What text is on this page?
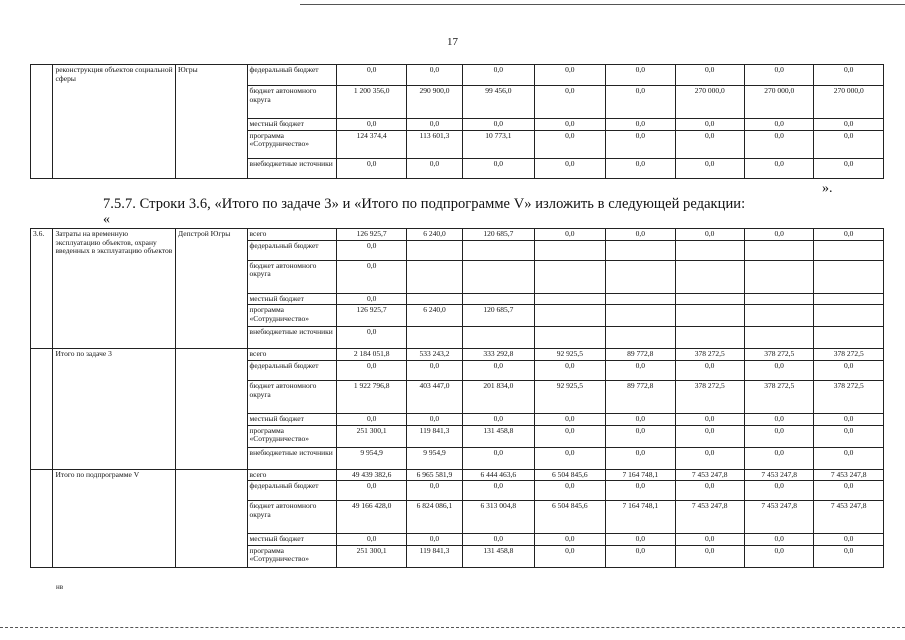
17
	реконструкция объектов социальной сферы	Югры	федеральный бюджет	0,0	0,0	0,0	0,0	0,0	0,0	0,0	0,0
			бюджет автономного округа	1 200 356,0	290 900,0	99 456,0	0,0	0,0	270 000,0	270 000,0	270 000,0
			местный бюджет	0,0	0,0	0,0	0,0	0,0	0,0	0,0	0,0
			программа «Сотрудничество»	124 374,4	113 601,3	10 773,1	0,0	0,0	0,0	0,0	0,0
			внебюджетные источники	0,0	0,0	0,0	0,0	0,0	0,0	0,0	0,0
».
7.5.7. Строки 3.6, «Итого по задаче 3» и «Итого по подпрограмме V» изложить в следующей редакции:
«
3.6.	Затраты на временную эксплуатацию объектов, охрану введенных в эксплуатацию объектов	Депстрой Югры	всего	126 925,7	6 240,0	120 685,7	0,0	0,0	0,0	0,0	0,0
			федеральный бюджет	0,0							
			бюджет автономного округа	0,0							
			местный бюджет	0,0							
			программа «Сотрудничество»	126 925,7	6 240,0	120 685,7					
			внебюджетные источники	0,0							
	Итого по задаче 3		всего	2 184 051,8	533 243,2	333 292,8	92 925,5	89 772,8	378 272,5	378 272,5	378 272,5
			федеральный бюджет	0,0	0,0	0,0	0,0	0,0	0,0	0,0	0,0
			бюджет автономного округа	1 922 796,8	403 447,0	201 834,0	92 925,5	89 772,8	378 272,5	378 272,5	378 272,5
			местный бюджет	0,0	0,0	0,0	0,0	0,0	0,0	0,0	0,0
			программа «Сотрудничество»	251 300,1	119 841,3	131 458,8	0,0	0,0	0,0	0,0	0,0
			внебюджетные источники	9 954,9	9 954,9	0,0	0,0	0,0	0,0	0,0	0,0
	Итого по подпрограмме V		всего	49 439 382,6	6 965 581,9	6 444 463,6	6 504 845,6	7 164 748,1	7 453 247,8	7 453 247,8	7 453 247,8
			федеральный бюджет	0,0	0,0	0,0	0,0	0,0	0,0	0,0	0,0
			бюджет автономного округа	49 166 428,0	6 824 086,1	6 313 004,8	6 504 845,6	7 164 748,1	7 453 247,8	7 453 247,8	7 453 247,8
			местный бюджет	0,0	0,0	0,0	0,0	0,0	0,0	0,0	0,0
			программа «Сотрудничество»	251 300,1	119 841,3	131 458,8	0,0	0,0	0,0	0,0	0,0
нв
